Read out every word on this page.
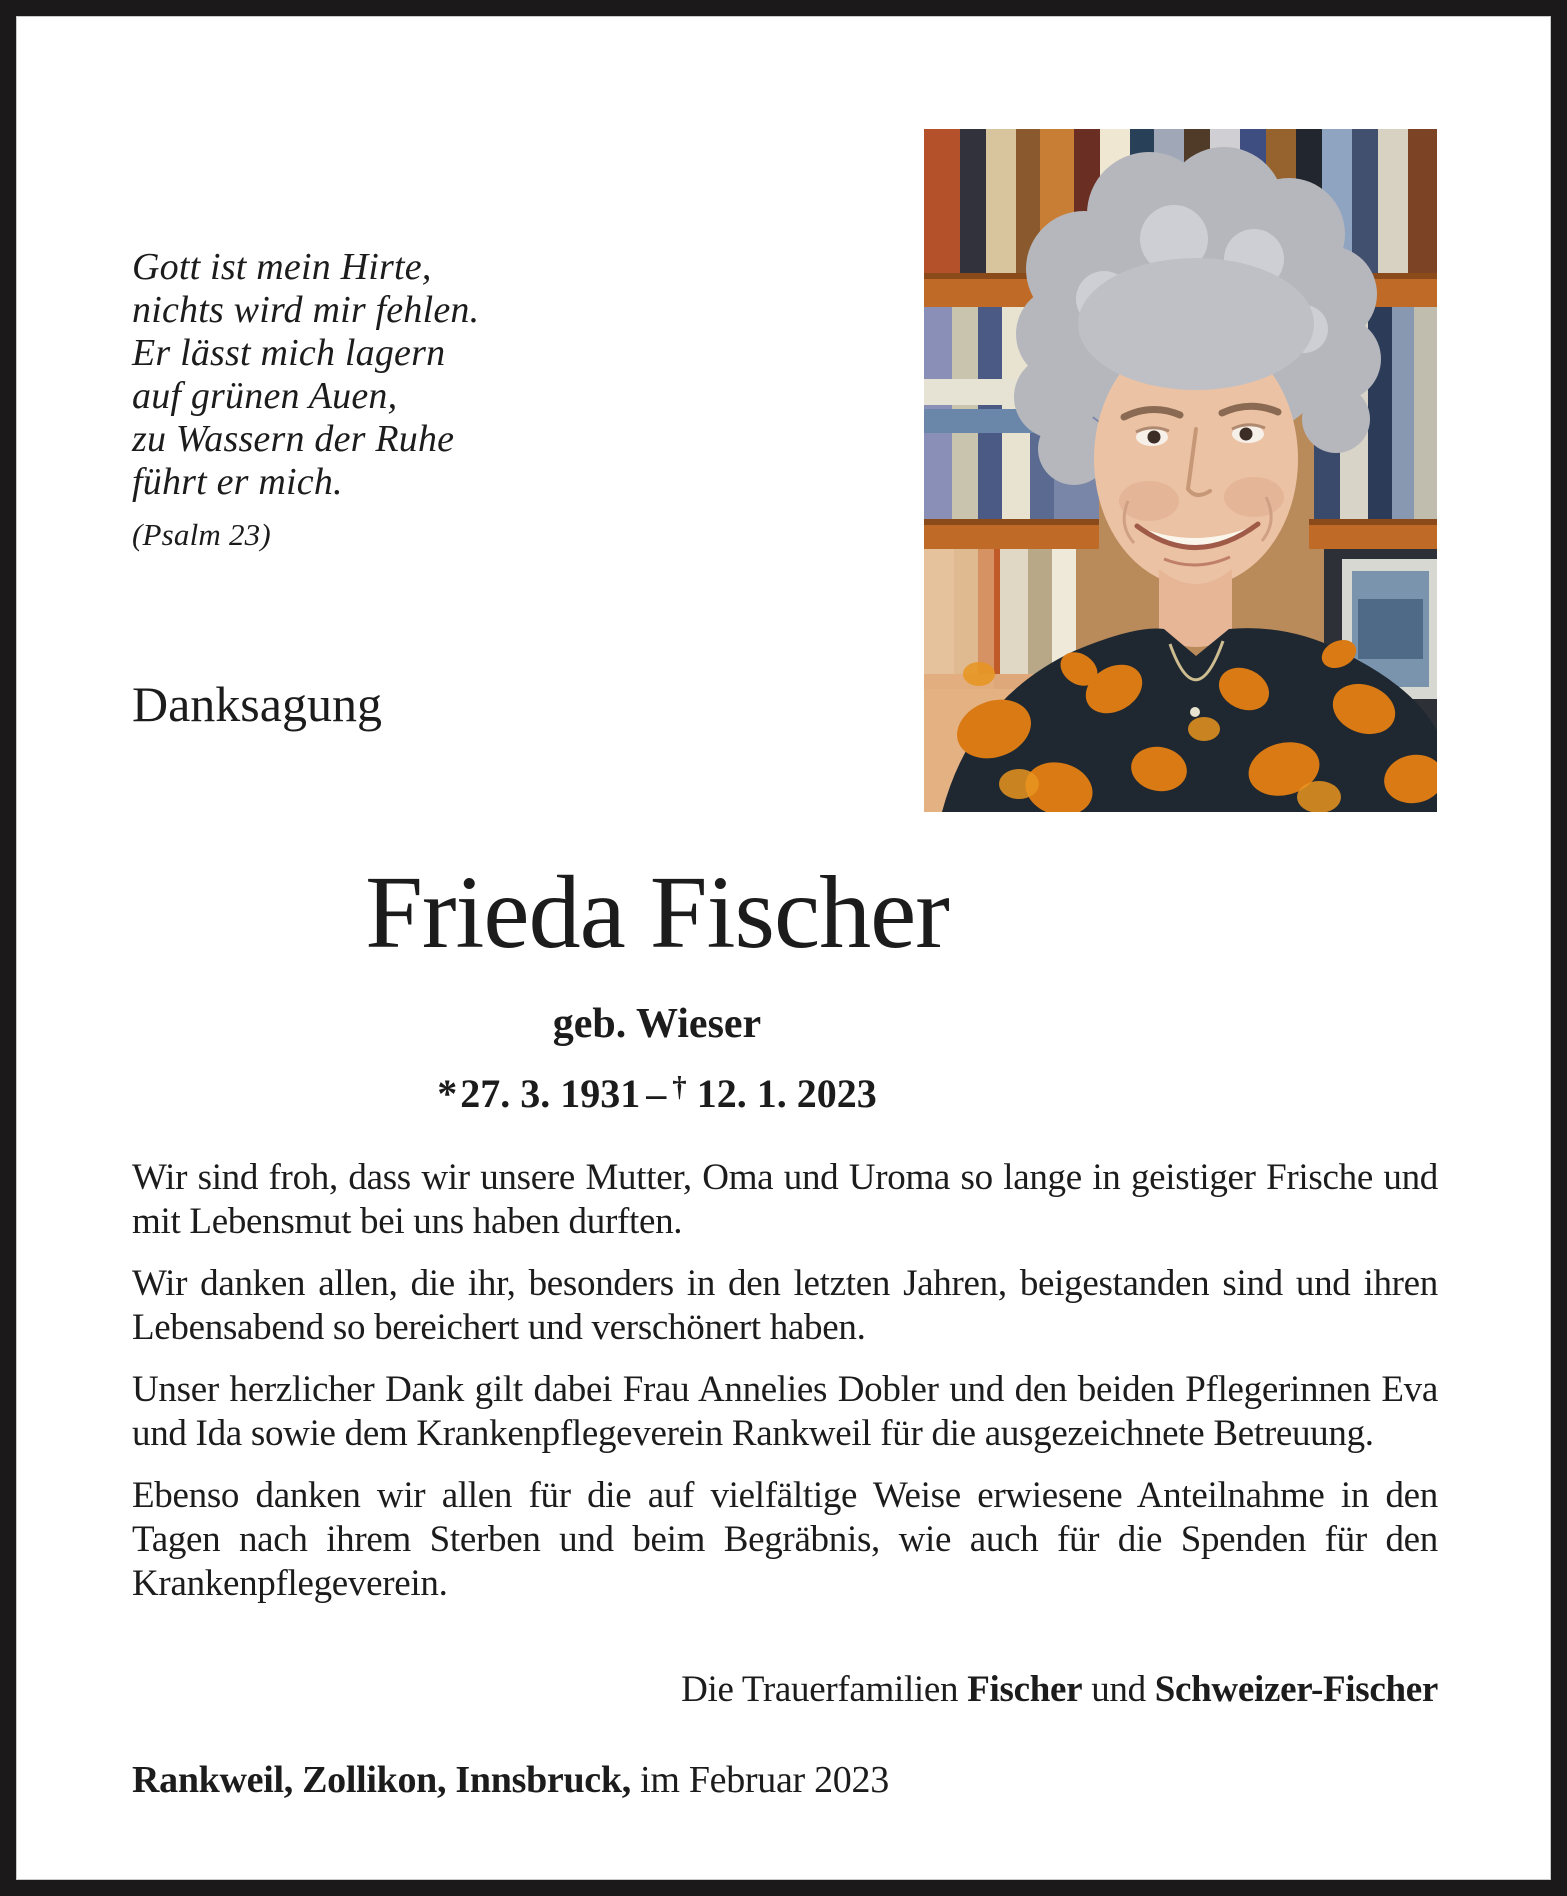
Gott ist mein Hirte,
nichts wird mir fehlen.
Er lässt mich lagern
auf grünen Auen,
zu Wassern der Ruhe
führt er mich.
(Psalm 23)
Danksagung
Frieda Fischer
geb. Wieser
*27. 3. 1931 – † 12. 1. 2023

Wir sind froh, dass wir unsere Mutter, Oma und Uroma so lange in geistiger Frische und mit Lebensmut bei uns haben durften.

Wir danken allen, die ihr, besonders in den letzten Jahren, beigestanden sind und ihren Lebensabend so bereichert und verschönert haben.

Unser herzlicher Dank gilt dabei Frau Annelies Dobler und den beiden Pflegerinnen Eva und Ida sowie dem Krankenpflegeverein Rankweil für die ausgezeichnete Betreuung.

Ebenso danken wir allen für die auf vielfältige Weise erwiesene Anteilnahme in den Tagen nach ihrem Sterben und beim Begräbnis, wie auch für die Spenden für den Krankenpflegeverein.

Die Trauerfamilien Fischer und Schweizer-Fischer
Rankweil, Zollikon, Innsbruck, im Februar 2023
